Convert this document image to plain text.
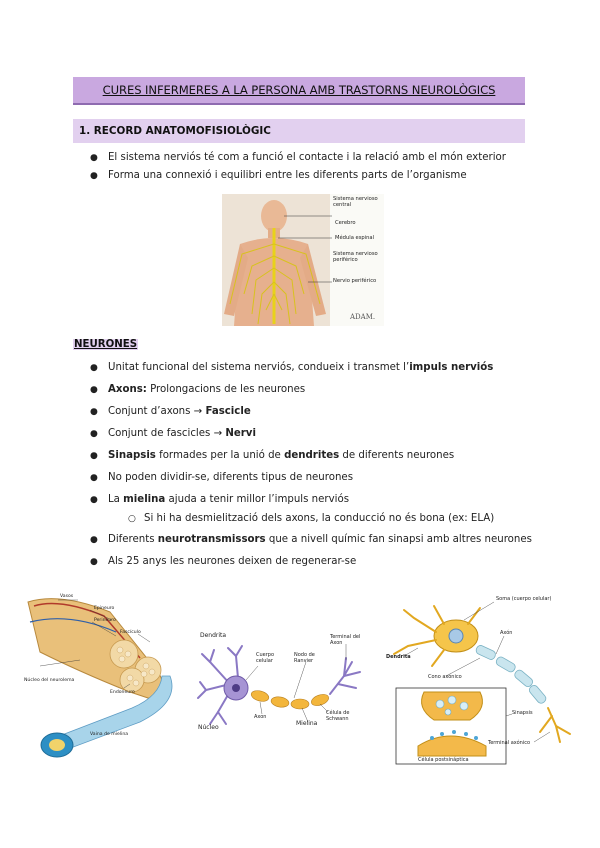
CURES INFERMERES A LA PERSONA AMB TRASTORNS NEUROLÒGICS
1. RECORD ANATOMOFISIOLÒGIC
● El sistema nerviós té com a funció el contacte i la relació amb el món exterior
● Forma una connexió i equilibri entre les diferents parts de l’organisme
Sistema nervioso central
Cerebro
Médula espinal
Sistema nervioso periférico
Nervio periférico
ADAM.
NEURONES
● Unitat funcional del sistema nerviós, condueix i transmet l’ impuls nerviós
● Axons: Prolongacions de les neurones
● Conjunt d’axons → Fascicle
● Conjunt de fascicles → Nervi
● Sinapsis formades per la unió de dendrites de diferents neurones
● No poden dividir-se, diferents tipus de neurones
● La mielina ajuda a tenir millor l’impuls nerviós
○ Si hi ha desmielització dels axons, la conducció no és bona (ex: ELA)
● Diferents neurotransmissors que a nivell químic fan sinapsi amb altres neurones
● Als 25 anys les neurones deixen de regenerar-se
Vasos
Epineuro
Perineuro
Fascículo
Endoneuro
Núcleo del neurolema
Vaina de mielina
Dendrita
Cuerpo celular
Nodo de Ranvier
Terminal del Axon
Axon
Núcleo
Mielina
Célula de Schwann
Soma (cuerpo celular)
Dendrita
Cono axónico
Axón
Sinapsis
Terminal axónico
Célula postsináptica
